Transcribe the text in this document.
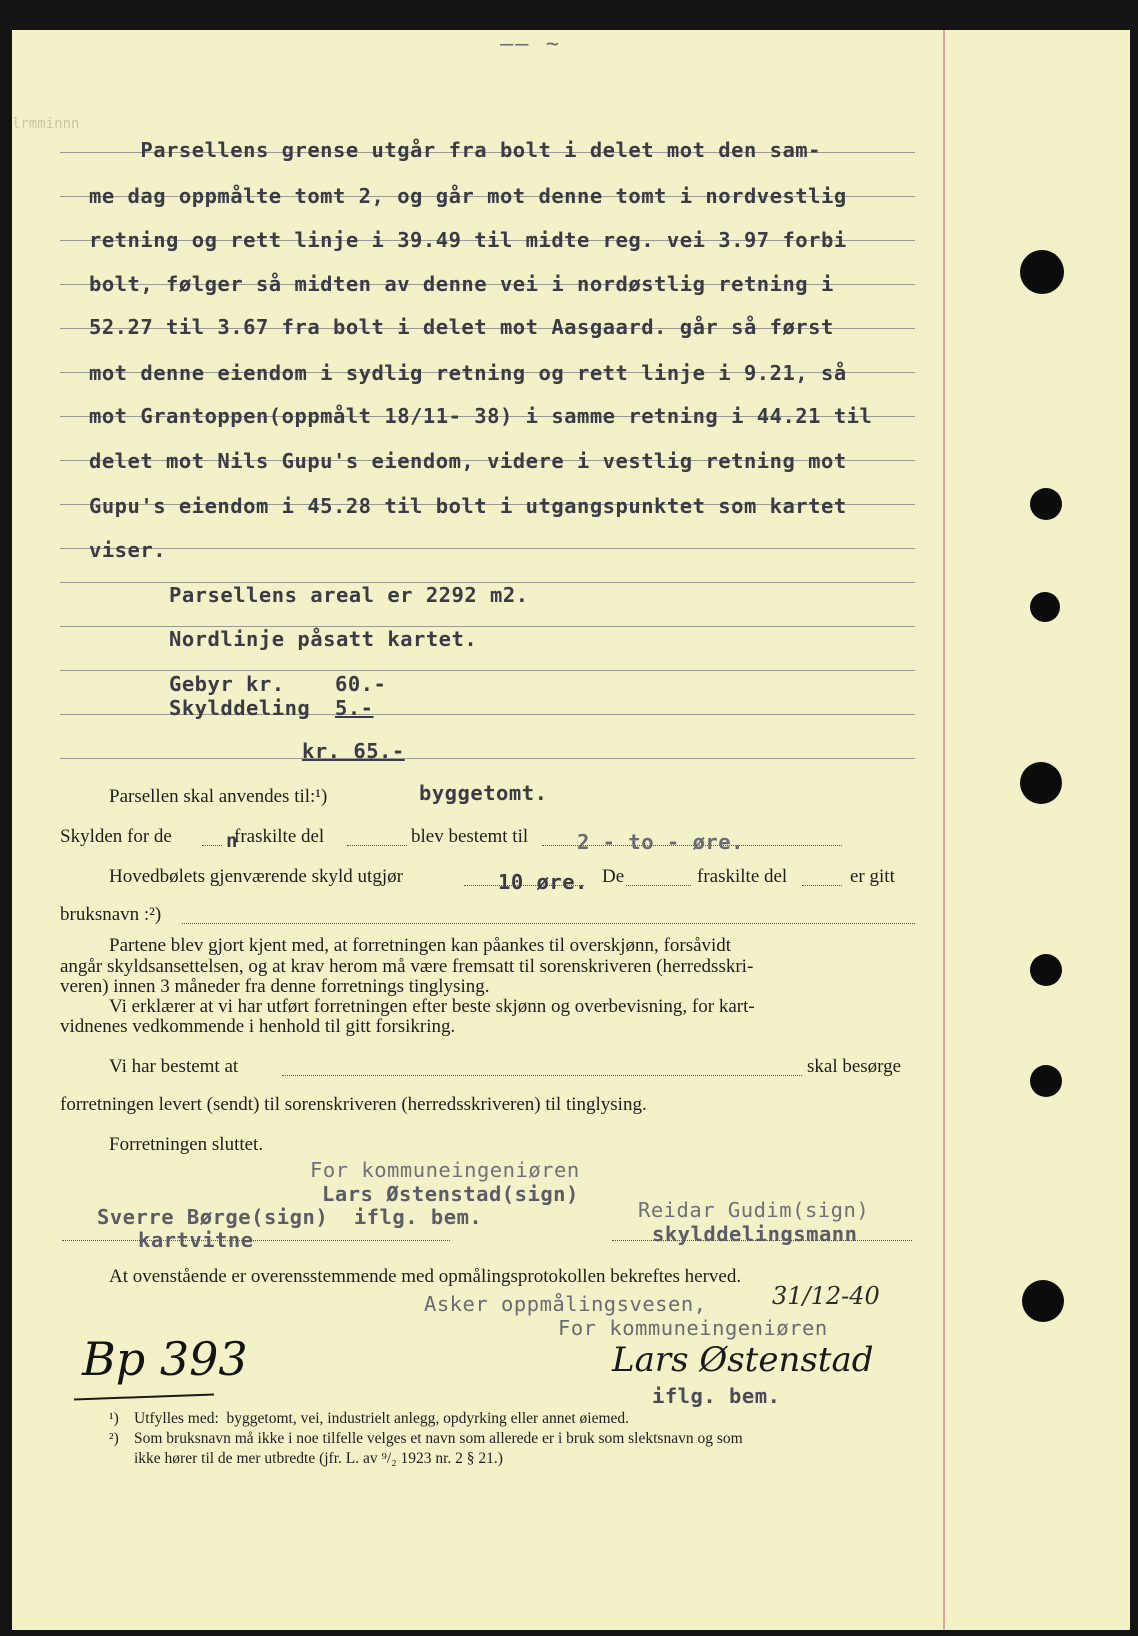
–– ~
lrmminnn
Parsellens grense utgår fra bolt i delet mot den sam-
me dag oppmålte tomt 2, og går mot denne tomt i nordvestlig
retning og rett linje i 39.49 til midte reg. vei 3.97 forbi
bolt, følger så midten av denne vei i nordøstlig retning i
52.27 til 3.67 fra bolt i delet mot Aasgaard. går så først
mot denne eiendom i sydlig retning og rett linje i 9.21, så
mot Grantoppen(oppmålt 18/11- 38) i samme retning i 44.21 til
delet mot Nils Gupu's eiendom, videre i vestlig retning mot
Gupu's eiendom i 45.28 til bolt i utgangspunktet som kartet
viser.
Parsellens areal er 2292 m2.
Nordlinje påsatt kartet.
Gebyr kr. 60.-
Skylddeling 5.-
kr. 65.-
Parsellen skal anvendes til:¹)	byggetomt.
Skylden for de	n
fraskilte del	blev bestemt til 2 - to - øre.
Hovedbølets gjenværende skyld utgjør	10 øre. De	fraskilte del	er gitt
bruksnavn :²)
Partene blev gjort kjent med, at forretningen kan påankes til overskjønn, forsåvidt
angår skyldsansettelsen, og at krav herom må være fremsatt til sorenskriveren (herredsskri-
veren) innen 3 måneder fra denne forretnings tinglysing.
Vi erklærer at vi har utført forretningen efter beste skjønn og overbevisning, for kart-
vidnenes vedkommende i henhold til gitt forsikring.
Vi har bestemt at	skal besørge
forretningen levert (sendt) til sorenskriveren (herredsskriveren) til tinglysing.
Forretningen sluttet.
For kommuneingeniøren
Lars Østenstad(sign)
Sverre Børge(sign)  iflg. bem.
kartvitne
Reidar Gudim(sign)
skylddelingsmann
At ovenstående er overensstemmende med opmålingsprotokollen bekreftes herved.
Asker oppmålingsvesen,	31/12-40
For kommuneingeniøren
Lars Østenstad
iflg. bem.
Bp 393
¹) Utfylles med:  byggetomt, vei, industrielt anlegg, opdyrking eller annet øiemed.
²) Som bruksnavn må ikke i noe tilfelle velges et navn som allerede er i bruk som slektsnavn og som
ikke hører til de mer utbredte (jfr. L. av ⁹/₂ 1923 nr. 2 § 21.)
